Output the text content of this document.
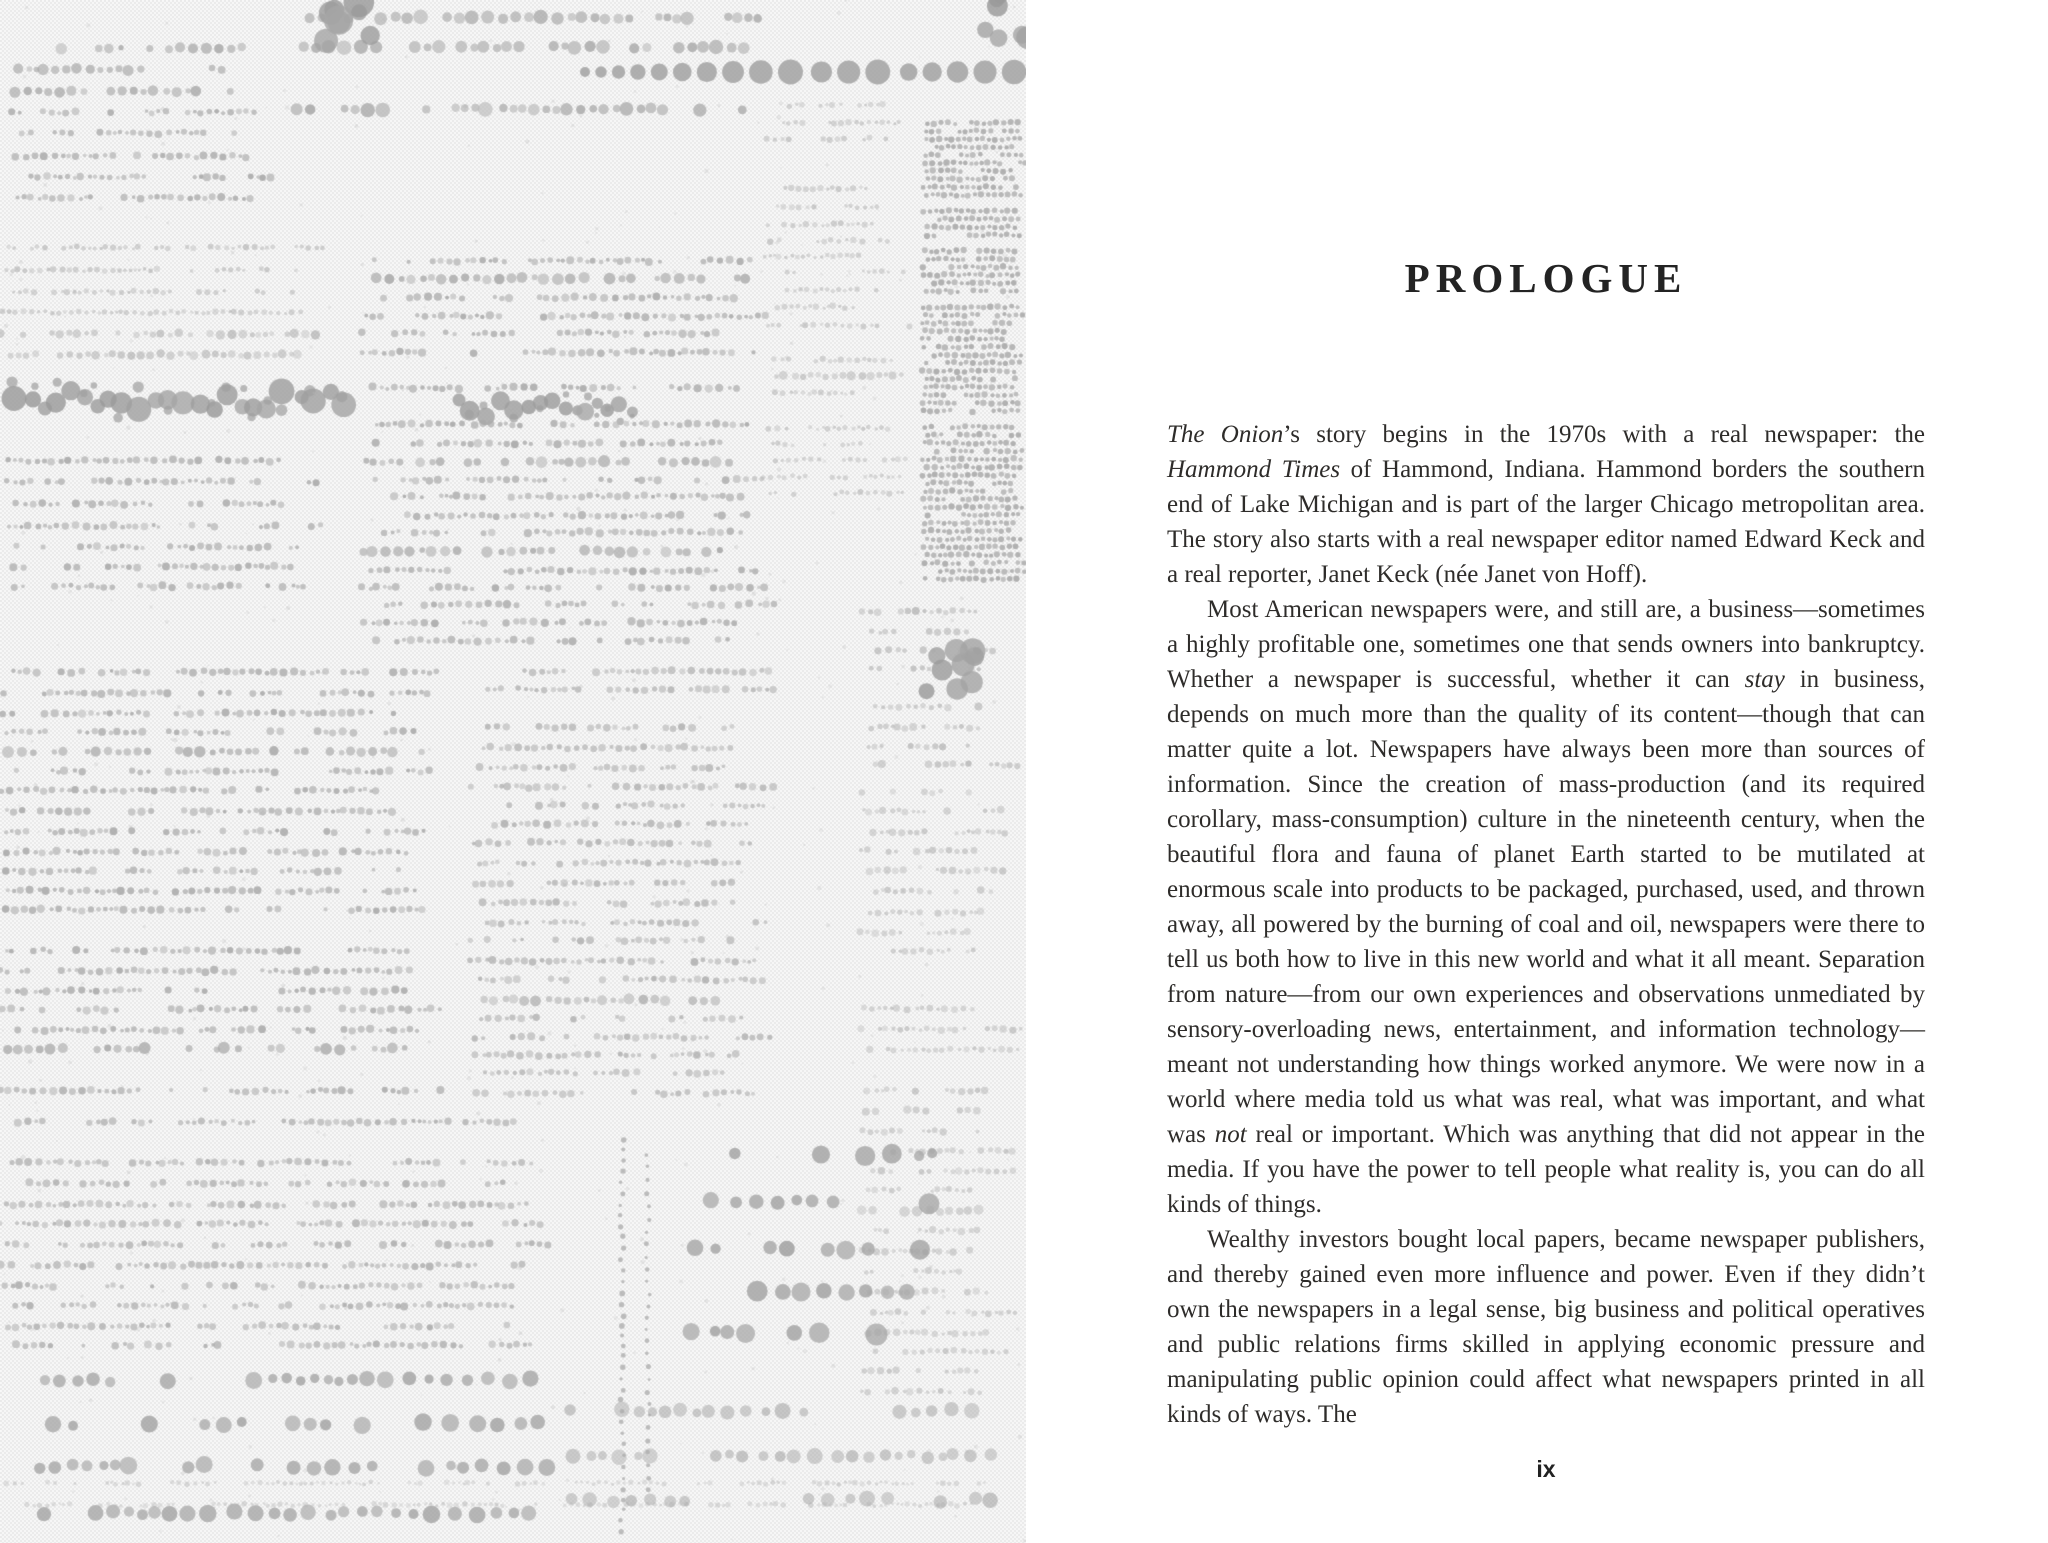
PROLOGUE

The Onion’s story begins in the 1970s with a real newspaper: the Hammond Times of Hammond, Indiana. Hammond borders the southern end of Lake Michigan and is part of the larger Chicago metropolitan area. The story also starts with a real newspaper editor named Edward Keck and a real reporter, Janet Keck (née Janet von Hoff).

Most American newspapers were, and still are, a business—sometimes a highly profitable one, sometimes one that sends owners into bankruptcy. Whether a newspaper is successful, whether it can stay in business, depends on much more than the quality of its content—though that can matter quite a lot. Newspapers have always been more than sources of information. Since the creation of mass-production (and its required corollary, mass-consumption) culture in the nineteenth century, when the beautiful flora and fauna of planet Earth started to be mutilated at enormous scale into products to be packaged, purchased, used, and thrown away, all powered by the burning of coal and oil, newspapers were there to tell us both how to live in this new world and what it all meant. Separation from nature—from our own experiences and observations unmediated by sensory-overloading news, entertainment, and information technology—meant not understanding how things worked anymore. We were now in a world where media told us what was real, what was important, and what was not real or important. Which was anything that did not appear in the media. If you have the power to tell people what reality is, you can do all kinds of things.

Wealthy investors bought local papers, became newspaper publishers, and thereby gained even more influence and power. Even if they didn’t own the newspapers in a legal sense, big business and political operatives and public relations firms skilled in applying economic pressure and manipulating public opinion could affect what newspapers printed in all kinds of ways. The

ix
